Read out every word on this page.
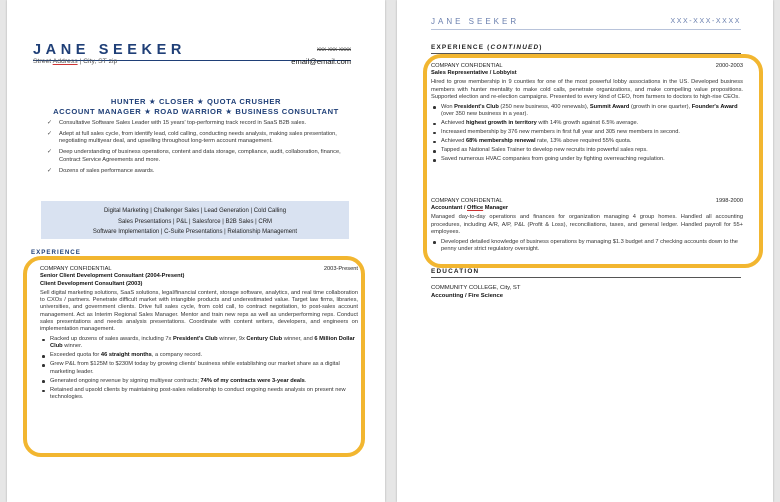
JANE SEEKER
Street Address | City, ST zip
xxx-xxx-xxxx
email@email.com
HUNTER ★ CLOSER ★ QUOTA CRUSHER
ACCOUNT MANAGER ★ ROAD WARRIOR ★ BUSINESS CONSULTANT
✓ Consultative Software Sales Leader with 15 years' top-performing track record in SaaS B2B sales.
✓ Adept at full sales cycle, from identify lead, cold calling, conducting needs analysis, making sales presentation, negotiating multiyear deal, and upselling throughout long-term account management.
✓ Deep understanding of business operations, content and data storage, compliance, audit, collaboration, finance, Contract Service Agreements and more.
✓ Dozens of sales performance awards.
Digital Marketing | Challenger Sales | Lead Generation | Cold Calling
Sales Presentations | P&L | Salesforce | B2B Sales | CRM
Software Implementation | C-Suite Presentations | Relationship Management
EXPERIENCE
COMPANY CONFIDENTIAL	2003-Present
Senior Client Development Consultant (2004-Present)
Client Development Consultant (2003)
Sell digital marketing solutions, SaaS solutions, legal/financial content, storage software, analytics, and real time collaboration to CXOs / partners. Penetrate difficult market with intangible products and underestimated value. Target law firms, libraries, universities, and government clients. Drive full sales cycle, from cold call, to contract negotiation, to post-sales account management. Act as Interim Regional Sales Manager. Mentor and train new reps as well as underperforming reps. Conduct sales presentations and needs analysis presentations. Coordinate with content writers, developers, and engineers on implementation management.
Racked up dozens of sales awards, including 7x President's Club winner, 9x Century Club winner, and 6 Million Dollar Club winner.
Exceeded quota for 46 straight months, a company record.
Grew P&L from $125M to $230M today by growing clients' business while establishing our market share as a digital marketing leader.
Generated ongoing revenue by signing multiyear contracts; 74% of my contracts were 3-year deals.
Retained and upsold clients by maintaining post-sales relationship to conduct ongoing needs analysis on present new technologies.
JANE SEEKER	XXX-XXX-XXXX
EXPERIENCE (CONTINUED)
COMPANY CONFIDENTIAL	2000-2003
Sales Representative / Lobbyist
Hired to grow membership in 9 counties for one of the most powerful lobby associations in the US. Developed business members with hunter mentality to make cold calls, penetrate organizations, and make compelling value propositions. Supported election and re-election campaigns. Presented to every kind of CEO, from farmers to doctors to high-rise CEOs.
Won President's Club (250 new business, 400 renewals), Summit Award (growth in one quarter), Founder's Award (over 350 new business in a year).
Achieved highest growth in territory with 14% growth against 6.5% average.
Increased membership by 376 new members in first full year and 305 new members in second.
Achieved 68% membership renewal rate, 13% above required 55% quota.
Tapped as National Sales Trainer to develop new recruits into powerful sales reps.
Saved numerous HVAC companies from going under by fighting overreaching regulation.
COMPANY CONFIDENTIAL	1998-2000
Accountant / Office Manager
Managed day-to-day operations and finances for organization managing 4 group homes. Handled all accounting procedures, including A/R, A/P, P&L (Profit & Loss), reconciliations, taxes, and general ledger. Handled payroll for 55+ employees.
Developed detailed knowledge of business operations by managing $1.3 budget and 7 checking accounts down to the penny under strict regulatory oversight.
EDUCATION
COMMUNITY COLLEGE, City, ST
Accounting / Fire Science
